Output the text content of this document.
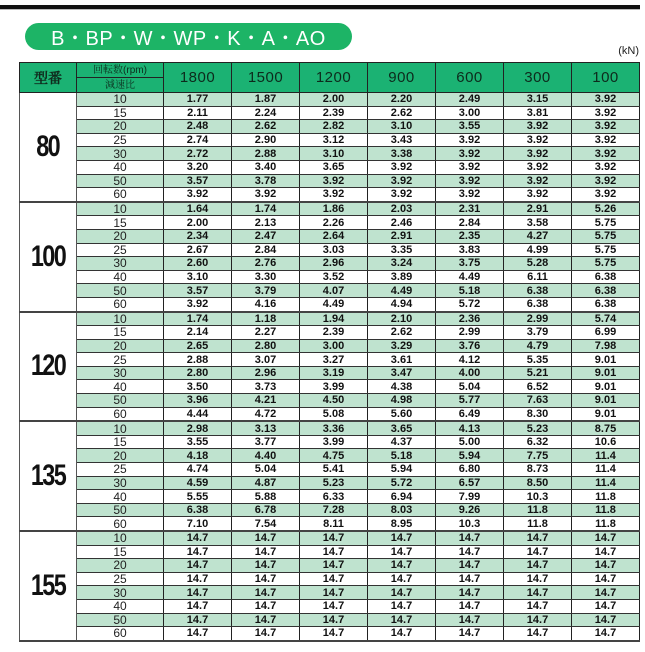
B・BP・W・WP・K・A・AO
(kN)
型番	回転数(rpm)	1800	1500	1200	900	600	300	100
	減速比							
80	10	1.77	1.87	2.00	2.20	2.49	3.15	3.92
	15	2.11	2.24	2.39	2.62	3.00	3.81	3.92
	20	2.48	2.62	2.82	3.10	3.55	3.92	3.92
	25	2.74	2.90	3.12	3.43	3.92	3.92	3.92
	30	2.72	2.88	3.10	3.38	3.92	3.92	3.92
	40	3.20	3.40	3.65	3.92	3.92	3.92	3.92
	50	3.57	3.78	3.92	3.92	3.92	3.92	3.92
	60	3.92	3.92	3.92	3.92	3.92	3.92	3.92
100	10	1.64	1.74	1.86	2.03	2.31	2.91	5.26
	15	2.00	2.13	2.26	2.46	2.84	3.58	5.75
	20	2.34	2.47	2.64	2.91	2.35	4.27	5.75
	25	2.67	2.84	3.03	3.35	3.83	4.99	5.75
	30	2.60	2.76	2.96	3.24	3.75	5.28	5.75
	40	3.10	3.30	3.52	3.89	4.49	6.11	6.38
	50	3.57	3.79	4.07	4.49	5.18	6.38	6.38
	60	3.92	4.16	4.49	4.94	5.72	6.38	6.38
120	10	1.74	1.18	1.94	2.10	2.36	2.99	5.74
	15	2.14	2.27	2.39	2.62	2.99	3.79	6.99
	20	2.65	2.80	3.00	3.29	3.76	4.79	7.98
	25	2.88	3.07	3.27	3.61	4.12	5.35	9.01
	30	2.80	2.96	3.19	3.47	4.00	5.21	9.01
	40	3.50	3.73	3.99	4.38	5.04	6.52	9.01
	50	3.96	4.21	4.50	4.98	5.77	7.63	9.01
	60	4.44	4.72	5.08	5.60	6.49	8.30	9.01
135	10	2.98	3.13	3.36	3.65	4.13	5.23	8.75
	15	3.55	3.77	3.99	4.37	5.00	6.32	10.6
	20	4.18	4.40	4.75	5.18	5.94	7.75	11.4
	25	4.74	5.04	5.41	5.94	6.80	8.73	11.4
	30	4.59	4.87	5.23	5.72	6.57	8.50	11.4
	40	5.55	5.88	6.33	6.94	7.99	10.3	11.8
	50	6.38	6.78	7.28	8.03	9.26	11.8	11.8
	60	7.10	7.54	8.11	8.95	10.3	11.8	11.8
155	10	14.7	14.7	14.7	14.7	14.7	14.7	14.7
	15	14.7	14.7	14.7	14.7	14.7	14.7	14.7
	20	14.7	14.7	14.7	14.7	14.7	14.7	14.7
	25	14.7	14.7	14.7	14.7	14.7	14.7	14.7
	30	14.7	14.7	14.7	14.7	14.7	14.7	14.7
	40	14.7	14.7	14.7	14.7	14.7	14.7	14.7
	50	14.7	14.7	14.7	14.7	14.7	14.7	14.7
	60	14.7	14.7	14.7	14.7	14.7	14.7	14.7
